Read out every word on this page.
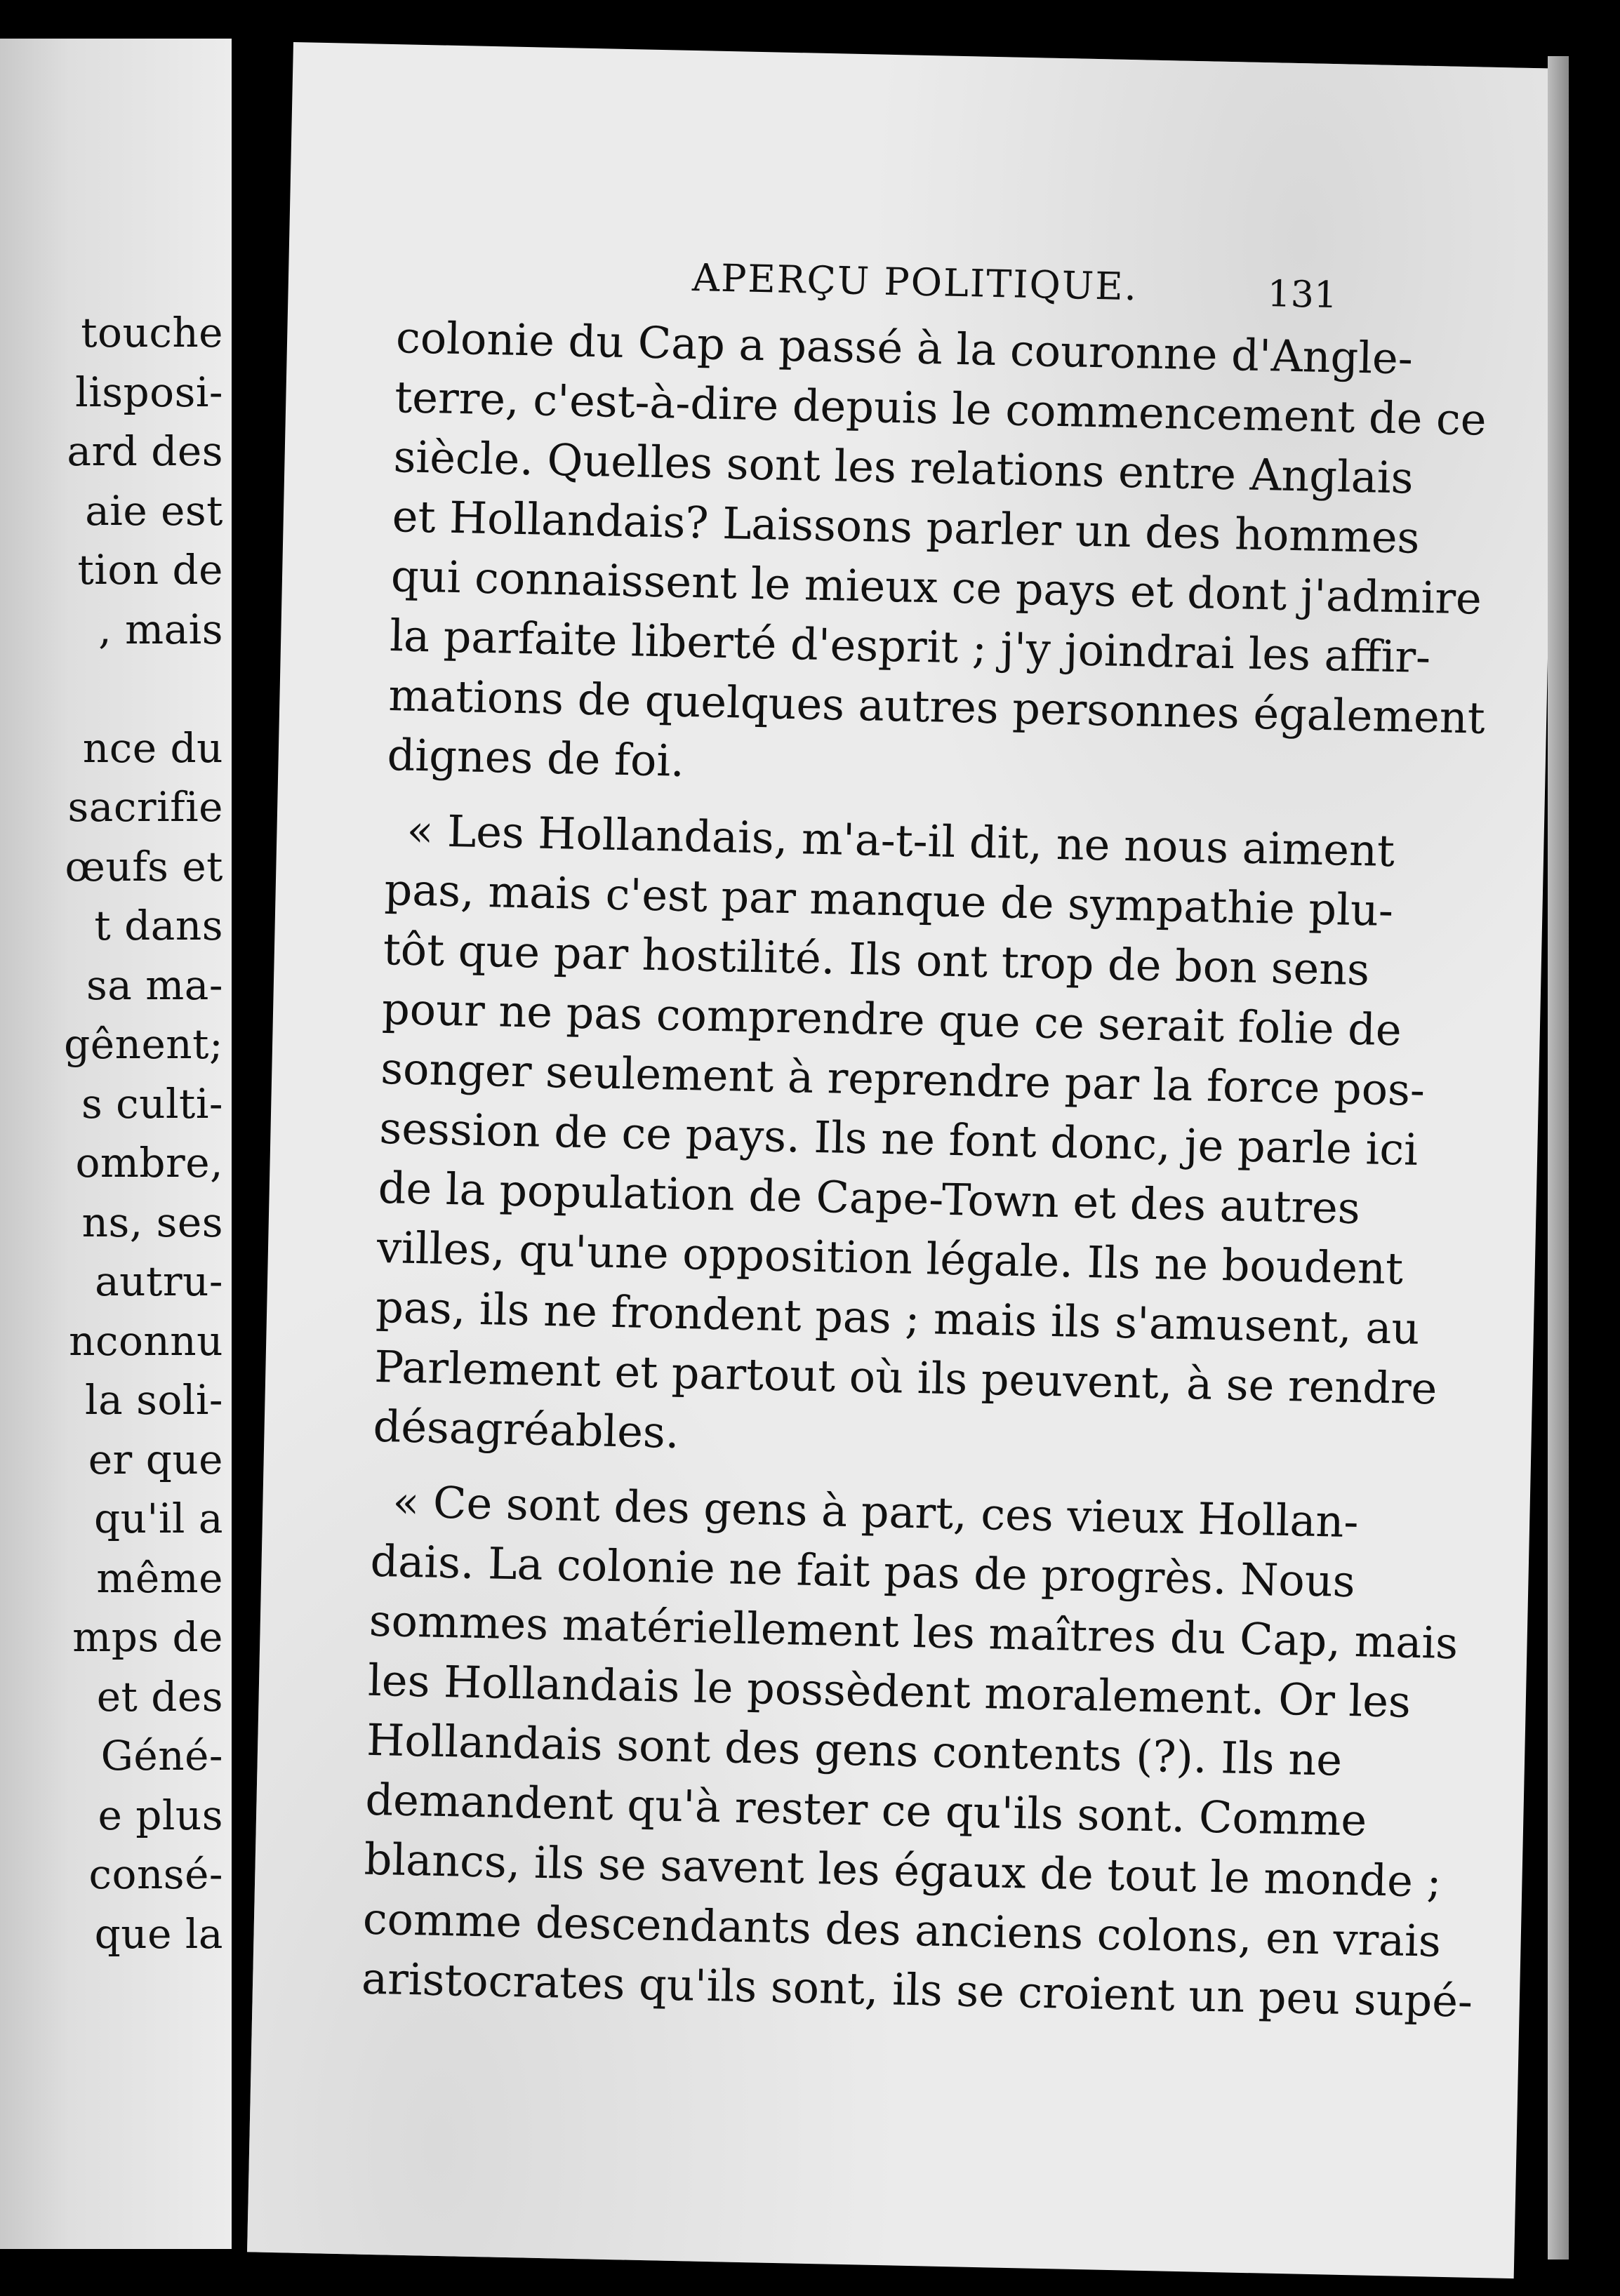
touche
lisposi-
ard des
aie est
tion de
, mais
nce du
sacrifie
œufs et
t dans
sa ma-
gênent;
s culti-
ombre,
ns, ses
autru-
nconnu
la soli-
er que
qu'il a
même
mps de
et des
Géné-
e plus
consé-
que la
APERÇU POLITIQUE.	131
colonie du Cap a passé à la couronne d'Angle-
terre, c'est-à-dire depuis le commencement de ce
siècle. Quelles sont les relations entre Anglais
et Hollandais? Laissons parler un des hommes
qui connaissent le mieux ce pays et dont j'admire
la parfaite liberté d'esprit ; j'y joindrai les affir-
mations de quelques autres personnes également
dignes de foi.
« Les Hollandais, m'a-t-il dit, ne nous aiment
pas, mais c'est par manque de sympathie plu-
tôt que par hostilité. Ils ont trop de bon sens
pour ne pas comprendre que ce serait folie de
songer seulement à reprendre par la force pos-
session de ce pays. Ils ne font donc, je parle ici
de la population de Cape-Town et des autres
villes, qu'une opposition légale. Ils ne boudent
pas, ils ne frondent pas ; mais ils s'amusent, au
Parlement et partout où ils peuvent, à se rendre
désagréables.
« Ce sont des gens à part, ces vieux Hollan-
dais. La colonie ne fait pas de progrès. Nous
sommes matériellement les maîtres du Cap, mais
les Hollandais le possèdent moralement. Or les
Hollandais sont des gens contents (?). Ils ne
demandent qu'à rester ce qu'ils sont. Comme
blancs, ils se savent les égaux de tout le monde ;
comme descendants des anciens colons, en vrais
aristocrates qu'ils sont, ils se croient un peu supé-
